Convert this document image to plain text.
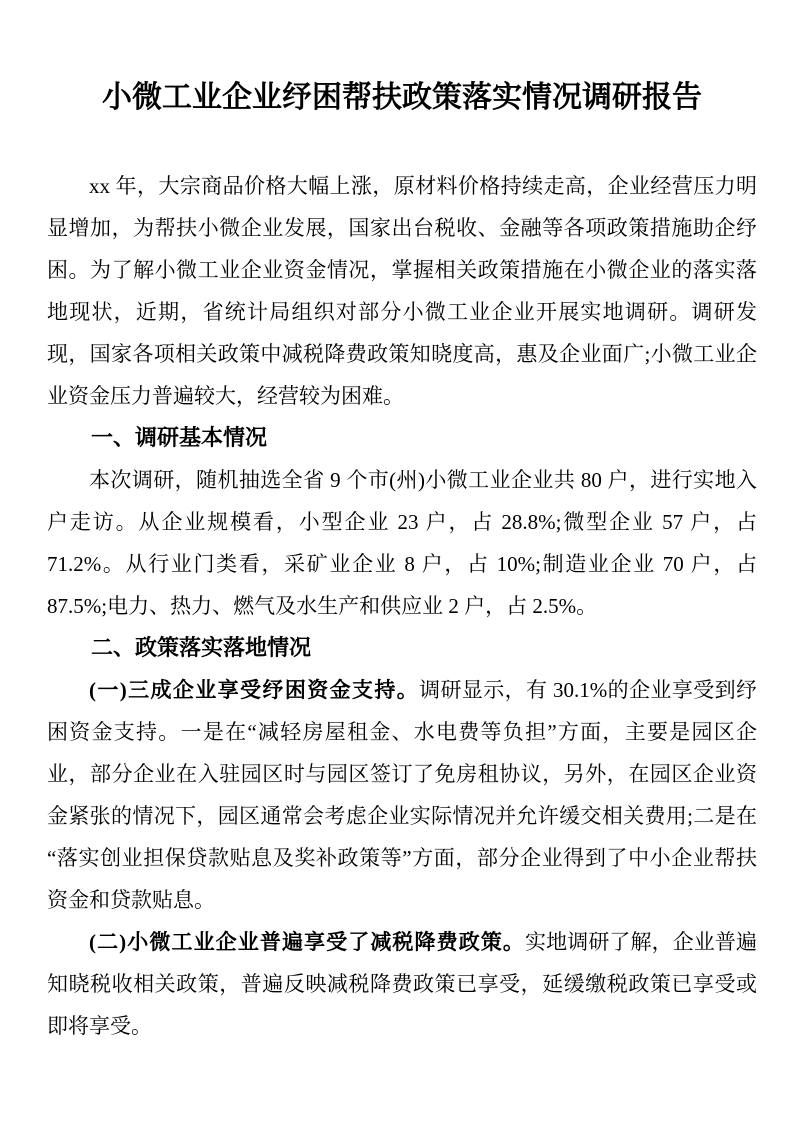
小微工业企业纾困帮扶政策落实情况调研报告

xx 年，大宗商品价格大幅上涨，原材料价格持续走高，企业经营压力明显增加，为帮扶小微企业发展，国家出台税收、金融等各项政策措施助企纾困。为了解小微工业企业资金情况，掌握相关政策措施在小微企业的落实落地现状，近期，省统计局组织对部分小微工业企业开展实地调研。调研发现，国家各项相关政策中减税降费政策知晓度高，惠及企业面广;小微工业企业资金压力普遍较大，经营较为困难。

一、调研基本情况

本次调研，随机抽选全省 9 个市(州)小微工业企业共 80 户，进行实地入户走访。从企业规模看，小型企业 23 户，占 28.8%;微型企业 57 户，占 71.2%。从行业门类看，采矿业企业 8 户，占 10%;制造业企业 70 户，占 87.5%;电力、热力、燃气及水生产和供应业 2 户，占 2.5%。

二、政策落实落地情况

(一)三成企业享受纾困资金支持。调研显示，有 30.1%的企业享受到纾困资金支持。一是在“减轻房屋租金、水电费等负担”方面，主要是园区企业，部分企业在入驻园区时与园区签订了免房租协议，另外，在园区企业资金紧张的情况下，园区通常会考虑企业实际情况并允许缓交相关费用;二是在“落实创业担保贷款贴息及奖补政策等”方面，部分企业得到了中小企业帮扶资金和贷款贴息。

(二)小微工业企业普遍享受了减税降费政策。实地调研了解，企业普遍知晓税收相关政策，普遍反映减税降费政策已享受，延缓缴税政策已享受或即将享受。
